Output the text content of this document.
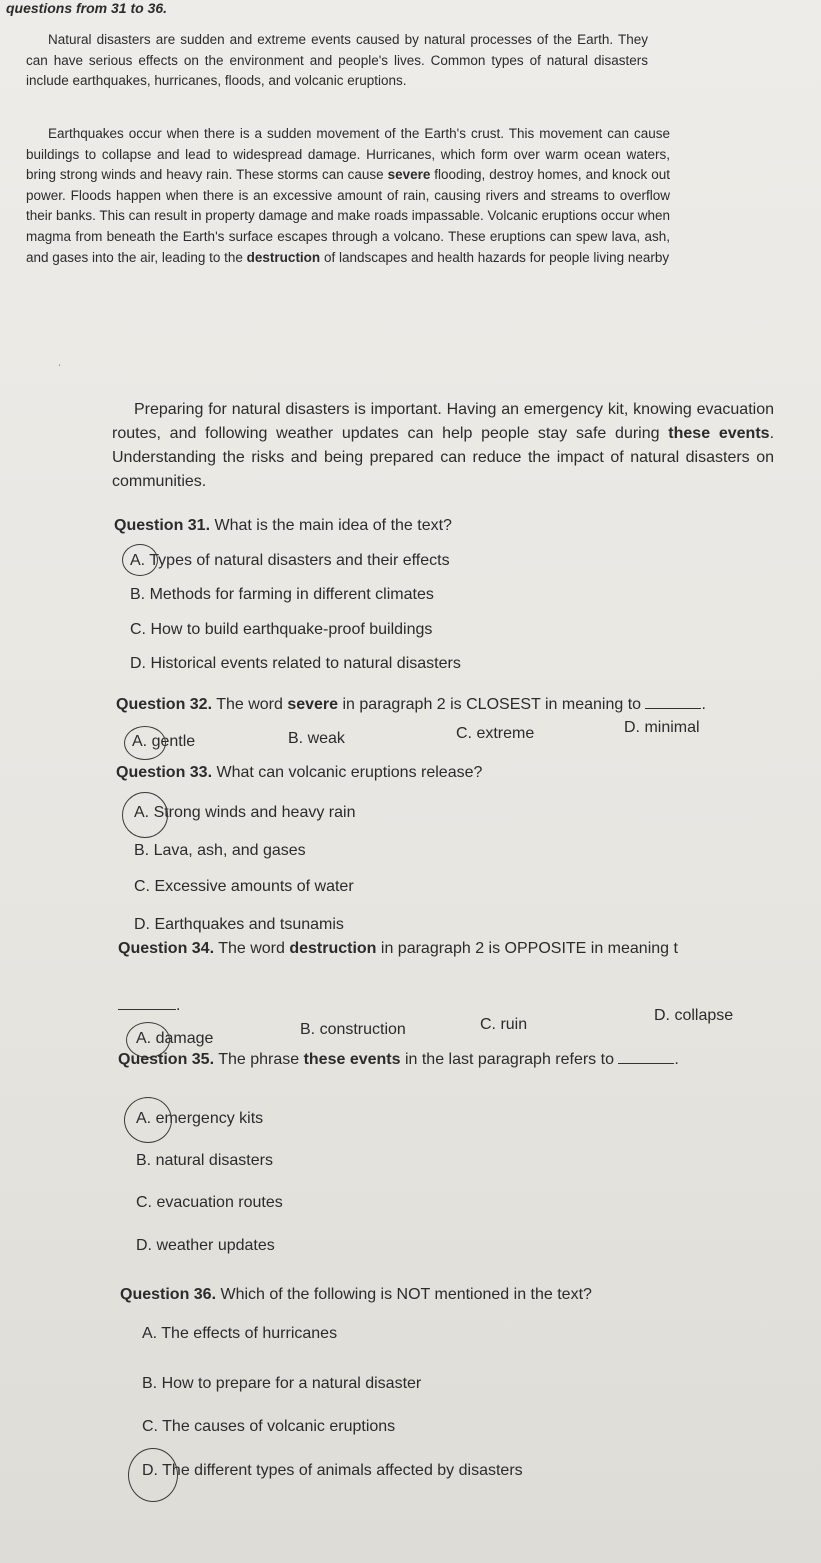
questions from 31 to 36.
Natural disasters are sudden and extreme events caused by natural processes of the Earth. They can have serious effects on the environment and people's lives. Common types of natural disasters include earthquakes, hurricanes, floods, and volcanic eruptions.
Earthquakes occur when there is a sudden movement of the Earth's crust. This movement can cause buildings to collapse and lead to widespread damage. Hurricanes, which form over warm ocean waters, bring strong winds and heavy rain. These storms can cause severe flooding, destroy homes, and knock out power. Floods happen when there is an excessive amount of rain, causing rivers and streams to overflow their banks. This can result in property damage and make roads impassable. Volcanic eruptions occur when magma from beneath the Earth's surface escapes through a volcano. These eruptions can spew lava, ash, and gases into the air, leading to the destruction of landscapes and health hazards for people living nearby
ˈ
Preparing for natural disasters is important. Having an emergency kit, knowing evacuation routes, and following weather updates can help people stay safe during these events. Understanding the risks and being prepared can reduce the impact of natural disasters on communities.
Question 31. What is the main idea of the text?
A. Types of natural disasters and their effects
B. Methods for farming in different climates
C. How to build earthquake-proof buildings
D. Historical events related to natural disasters
Question 32. The word severe in paragraph 2 is CLOSEST in meaning to	.
A. gentle	B. weak	C. extreme	D. minimal
Question 33. What can volcanic eruptions release?
A. Strong winds and heavy rain
B. Lava, ash, and gases
C. Excessive amounts of water
D. Earthquakes and tsunamis
Question 34. The word destruction in paragraph 2 is OPPOSITE in meaning t
.
A. damage
B. construction	C. ruin
D. collapse
Question 35. The phrase these events in the last paragraph refers to	.
A. emergency kits
B. natural disasters
C. evacuation routes
D. weather updates
Question 36. Which of the following is NOT mentioned in the text?
A. The effects of hurricanes
B. How to prepare for a natural disaster
C. The causes of volcanic eruptions
D. The different types of animals affected by disasters
